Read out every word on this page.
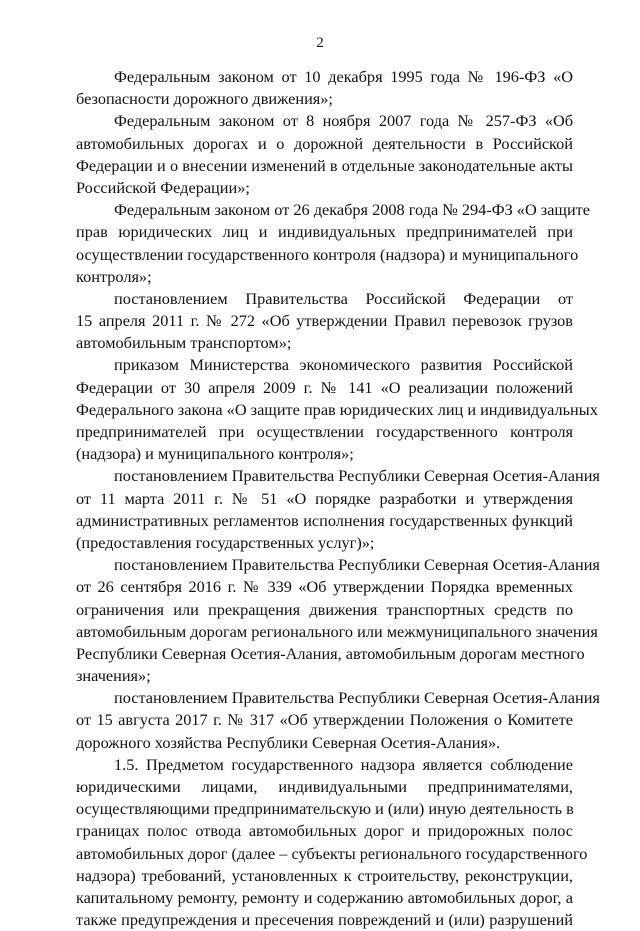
2

Федеральным законом от 10 декабря 1995 года № 196-ФЗ «О
безопасности дорожного движения»;

Федеральным законом от 8 ноября 2007 года № 257-ФЗ «Об
автомобильных дорогах и о дорожной деятельности в Российской
Федерации и о внесении изменений в отдельные законодательные акты
Российской Федерации»;

Федеральным законом от 26 декабря 2008 года № 294-ФЗ «О защите
прав юридических лиц и индивидуальных предпринимателей при
осуществлении государственного контроля (надзора) и муниципального
контроля»;

постановлением Правительства Российской Федерации от
15 апреля 2011 г. № 272 «Об утверждении Правил перевозок грузов
автомобильным транспортом»;

приказом Министерства экономического развития Российской
Федерации от 30 апреля 2009 г. № 141 «О реализации положений
Федерального закона «О защите прав юридических лиц и индивидуальных
предпринимателей при осуществлении государственного контроля
(надзора) и муниципального контроля»;

постановлением Правительства Республики Северная Осетия-Алания
от 11 марта 2011 г. № 51 «О порядке разработки и утверждения
административных регламентов исполнения государственных функций
(предоставления государственных услуг)»;

постановлением Правительства Республики Северная Осетия-Алания
от 26 сентября 2016 г. № 339 «Об утверждении Порядка временных
ограничения или прекращения движения транспортных средств по
автомобильным дорогам регионального или межмуниципального значения
Республики Северная Осетия-Алания, автомобильным дорогам местного
значения»;

постановлением Правительства Республики Северная Осетия-Алания
от 15 августа 2017 г. № 317 «Об утверждении Положения о Комитете
дорожного хозяйства Республики Северная Осетия-Алания».

1.5. Предметом государственного надзора является соблюдение
юридическими лицами, индивидуальными предпринимателями,
осуществляющими предпринимательскую и (или) иную деятельность в
границах полос отвода автомобильных дорог и придорожных полос
автомобильных дорог (далее – субъекты регионального государственного
надзора) требований, установленных к строительству, реконструкции,
капитальному ремонту, ремонту и содержанию автомобильных дорог, а
также предупреждения и пресечения повреждений и (или) разрушений
